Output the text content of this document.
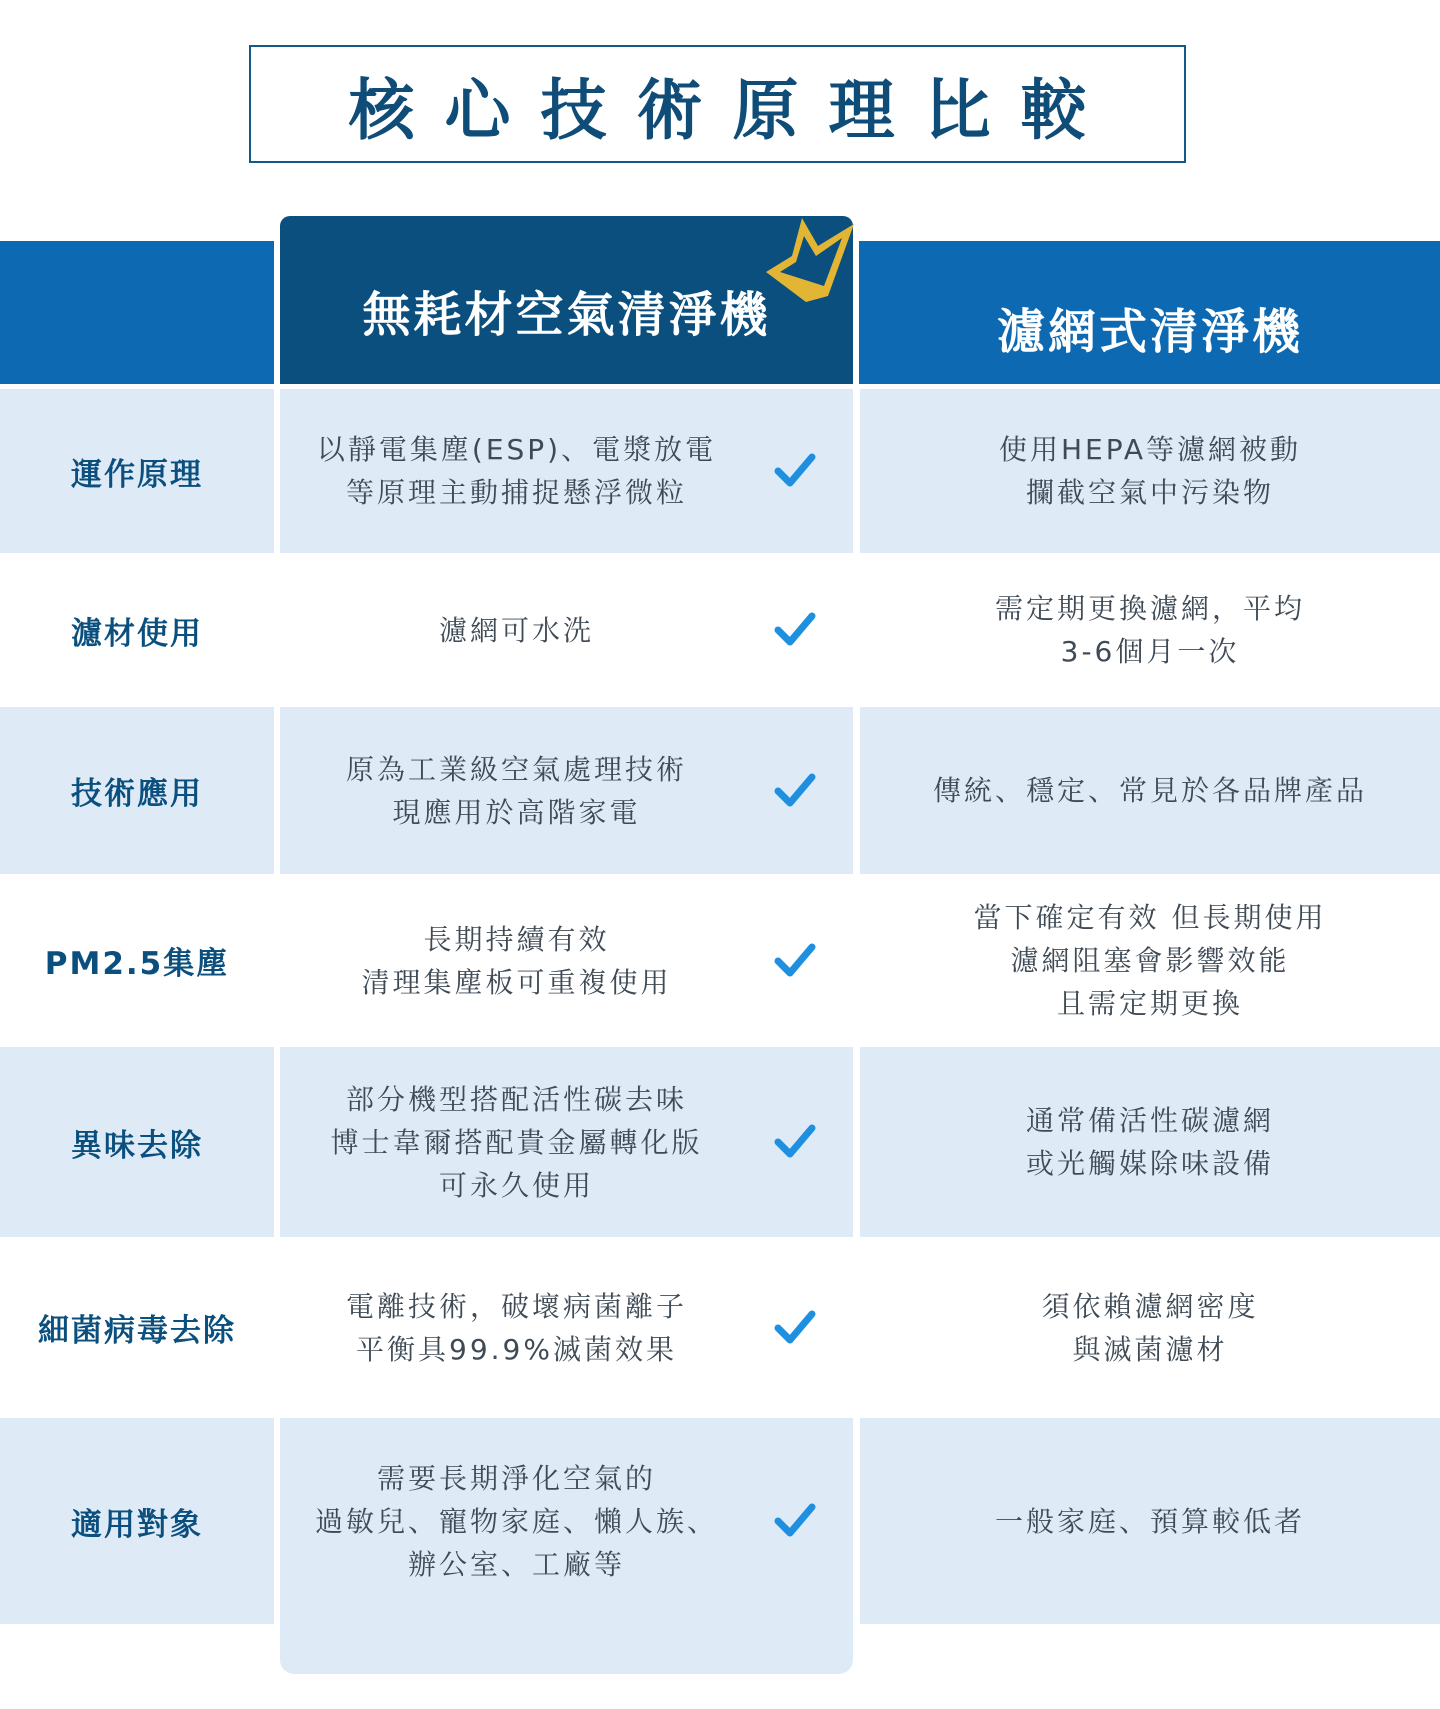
核心技術原理比較
無耗材空氣清淨機	濾網式清淨機
運作原理
以靜電集塵(ESP)、電漿放電
等原理主動捕捉懸浮微粒
使用HEPA等濾網被動
攔截空氣中污染物
濾材使用	濾網可水洗
需定期更換濾網，平均
3-6個月一次
技術應用
原為工業級空氣處理技術
現應用於高階家電
傳統、穩定、常見於各品牌產品
PM2.5集塵
長期持續有效
清理集塵板可重複使用
當下確定有效 但長期使用
濾網阻塞會影響效能
且需定期更換
異味去除
部分機型搭配活性碳去味
博士韋爾搭配貴金屬轉化版
可永久使用
通常備活性碳濾網
或光觸媒除味設備
細菌病毒去除
電離技術，破壞病菌離子
平衡具99.9%滅菌效果
須依賴濾網密度
與滅菌濾材
適用對象
需要長期淨化空氣的
過敏兒、寵物家庭、懶人族、
辦公室、工廠等
一般家庭、預算較低者
